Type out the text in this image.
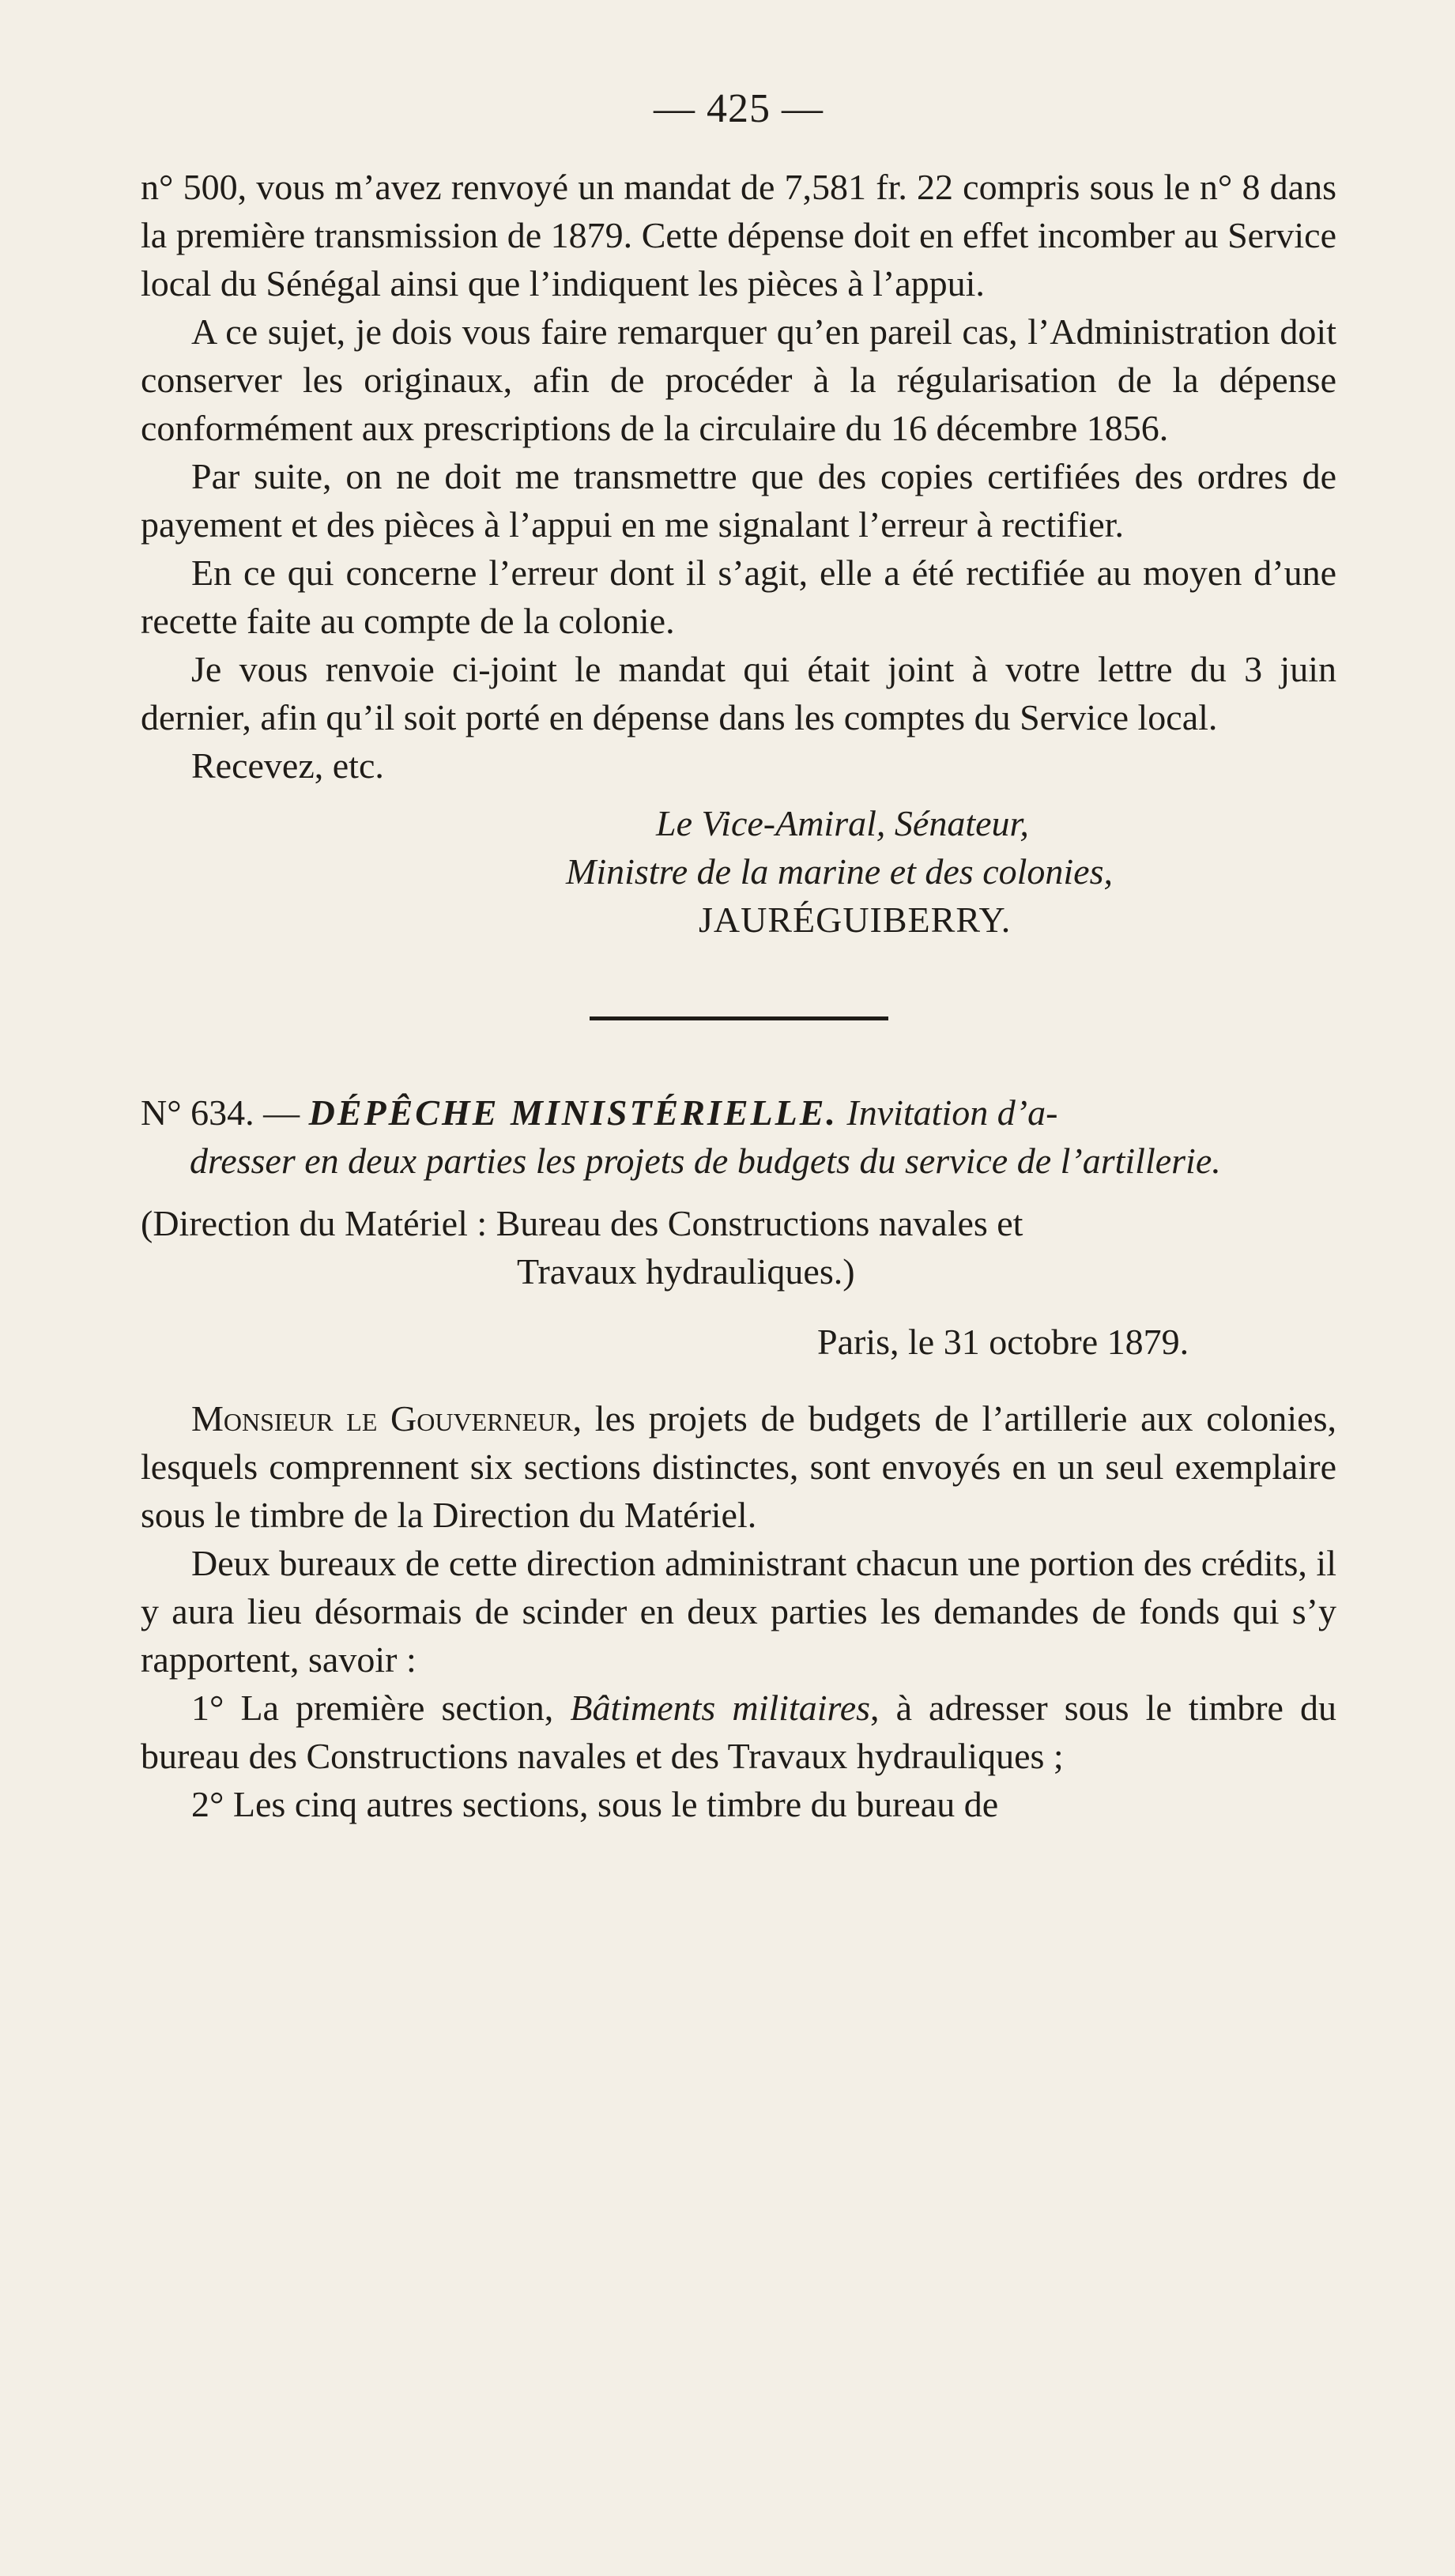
— 425 —

n° 500, vous m’avez renvoyé un mandat de 7,581 fr. 22 compris sous le n° 8 dans la première transmission de 1879. Cette dépense doit en effet incomber au Service local du Sénégal ainsi que l’indiquent les pièces à l’appui.

A ce sujet, je dois vous faire remarquer qu’en pareil cas, l’Administration doit conserver les originaux, afin de procéder à la régularisation de la dépense conformément aux prescriptions de la circulaire du 16 décembre 1856.

Par suite, on ne doit me transmettre que des copies certifiées des ordres de payement et des pièces à l’appui en me signalant l’erreur à rectifier.

En ce qui concerne l’erreur dont il s’agit, elle a été rectifiée au moyen d’une recette faite au compte de la colonie.

Je vous renvoie ci-joint le mandat qui était joint à votre lettre du 3 juin dernier, afin qu’il soit porté en dépense dans les comptes du Service local.

Recevez, etc.

Le Vice-Amiral, Sénateur,
Ministre de la marine et des colonies,
JAURÉGUIBERRY.
N° 634. — DÉPÊCHE MINISTÉRIELLE. Invitation d’a-
dresser en deux parties les projets de budgets du service de l’artillerie.
(Direction du Matériel : Bureau des Constructions navales et
Travaux hydrauliques.)
Paris, le 31 octobre 1879.

Monsieur le Gouverneur, les projets de budgets de l’artillerie aux colonies, lesquels comprennent six sections distinctes, sont envoyés en un seul exemplaire sous le timbre de la Direction du Matériel.

Deux bureaux de cette direction administrant chacun une portion des crédits, il y aura lieu désormais de scinder en deux parties les demandes de fonds qui s’y rapportent, savoir :

1° La première section, Bâtiments militaires, à adresser sous le timbre du bureau des Constructions navales et des Travaux hydrauliques ;

2° Les cinq autres sections, sous le timbre du bureau de
